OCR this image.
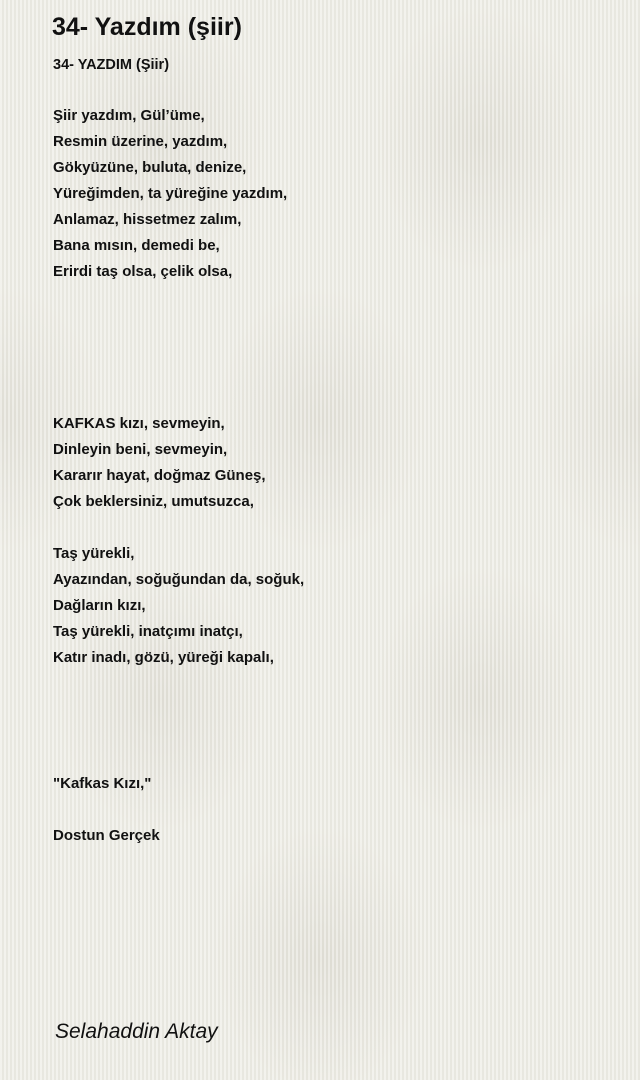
34- Yazdım (şiir)
34- YAZDIM (Şiir)
Şiir yazdım, Gül’üme,
Resmin üzerine, yazdım,
Gökyüzüne, buluta, denize,
Yüreğimden, ta yüreğine yazdım,
Anlamaz, hissetmez zalım,
Bana mısın, demedi be,
Erirdi taş olsa, çelik olsa,
KAFKAS kızı, sevmeyin,
Dinleyin beni, sevmeyin,
Kararır hayat, doğmaz Güneş,
Çok beklersiniz, umutsuzca,
Taş yürekli,
Ayazından, soğuğundan da, soğuk,
Dağların kızı,
Taş yürekli, inatçımı inatçı,
Katır inadı, gözü, yüreği kapalı,
"Kafkas Kızı,"
Dostun Gerçek
Selahaddin Aktay
